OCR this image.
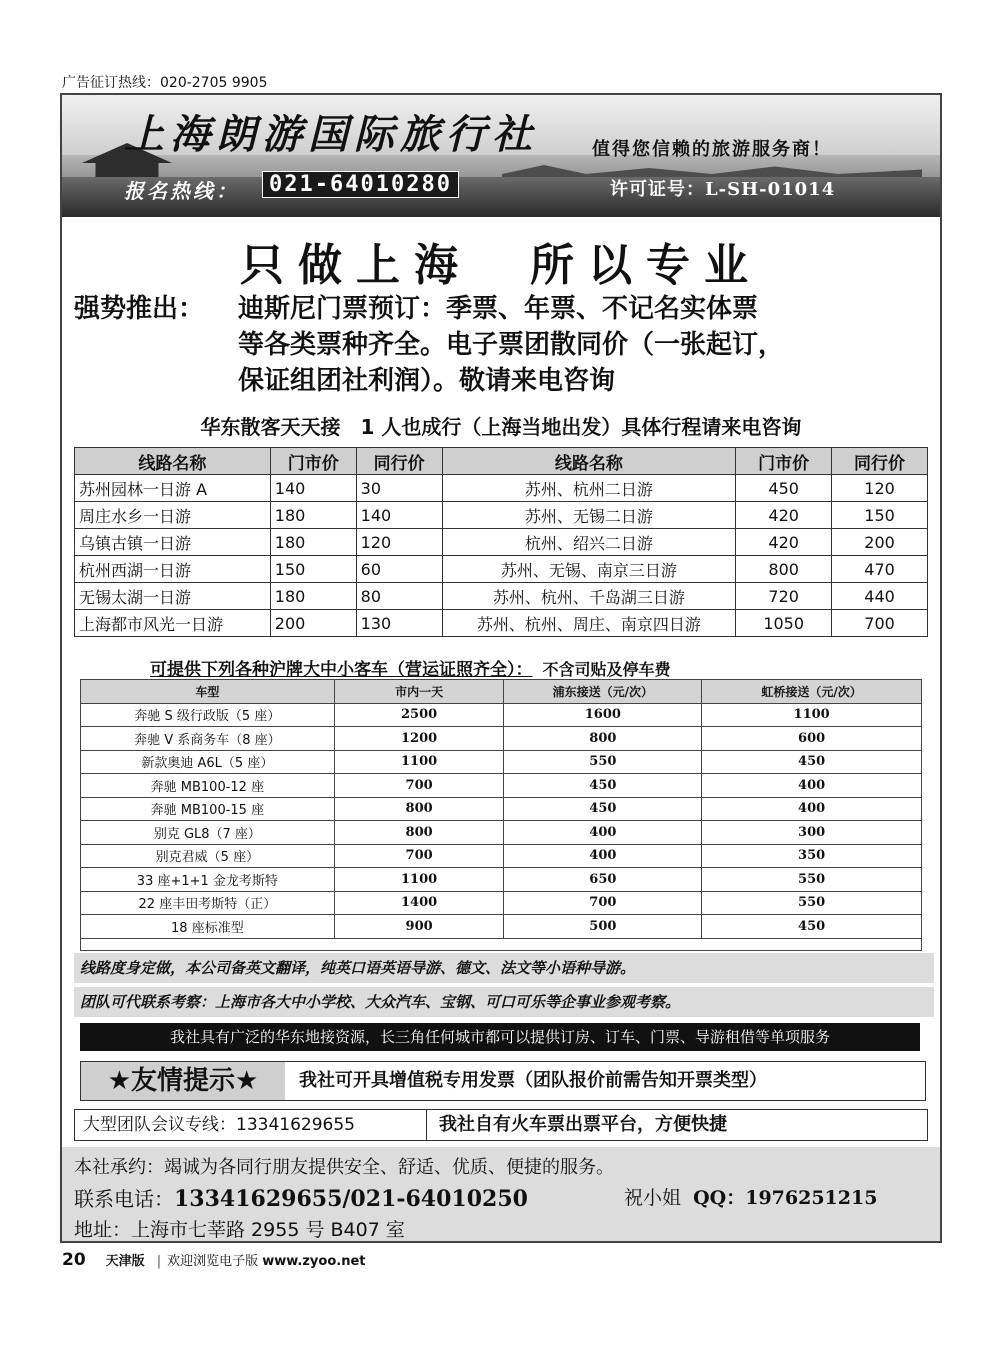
广告征订热线：020-2705 9905
上海朗游国际旅行社	值得您信赖的旅游服务商！
报名热线：	021-64010280	许可证号：L-SH-01014
只做上海　所以专业
强势推出： 迪斯尼门票预订：季票、年票、不记名实体票
等各类票种齐全。电子票团散同价（一张起订，
保证组团社利润）。敬请来电咨询
华东散客天天接　1 人也成行（上海当地出发）具体行程请来电咨询
线路名称	门市价	同行价	线路名称	门市价	同行价
苏州园林一日游 A	140	30	苏州、杭州二日游	450	120
周庄水乡一日游	180	140	苏州、无锡二日游	420	150
乌镇古镇一日游	180	120	杭州、绍兴二日游	420	200
杭州西湖一日游	150	60	苏州、无锡、南京三日游	800	470
无锡太湖一日游	180	80	苏州、杭州、千岛湖三日游	720	440
上海都市风光一日游	200	130	苏州、杭州、周庄、南京四日游	1050	700
可提供下列各种沪牌大中小客车（营运证照齐全）： 不含司贴及停车费
车型	市内一天	浦东接送（元/次）	虹桥接送（元/次）
奔驰 S 级行政版（5 座）	2500	1600	1100
奔驰 V 系商务车（8 座）	1200	800	600
新款奥迪 A6L（5 座）	1100	550	450
奔驰 MB100-12 座	700	450	400
奔驰 MB100-15 座	800	450	400
别克 GL8（7 座）	800	400	300
别克君威（5 座）	700	400	350
33 座+1+1 金龙考斯特	1100	650	550
22 座丰田考斯特（正）	1400	700	550
18 座标准型	900	500	450
线路度身定做，本公司备英文翻译，纯英口语英语导游、德文、法文等小语种导游。
团队可代联系考察：上海市各大中小学校、大众汽车、宝钢、可口可乐等企事业参观考察。
我社具有广泛的华东地接资源，长三角任何城市都可以提供订房、订车、门票、导游租借等单项服务
★友情提示★	我社可开具增值税专用发票（团队报价前需告知开票类型）
大型团队会议专线：13341629655	我社自有火车票出票平台，方便快捷
本社承约：竭诚为各同行朋友提供安全、舒适、优质、便捷的服务。
联系电话：13341629655/021-64010250	祝小姐 QQ：1976251215
地址：上海市七莘路 2955 号 B407 室
20 天津版 | 欢迎浏览电子版 www.zyoo.net
